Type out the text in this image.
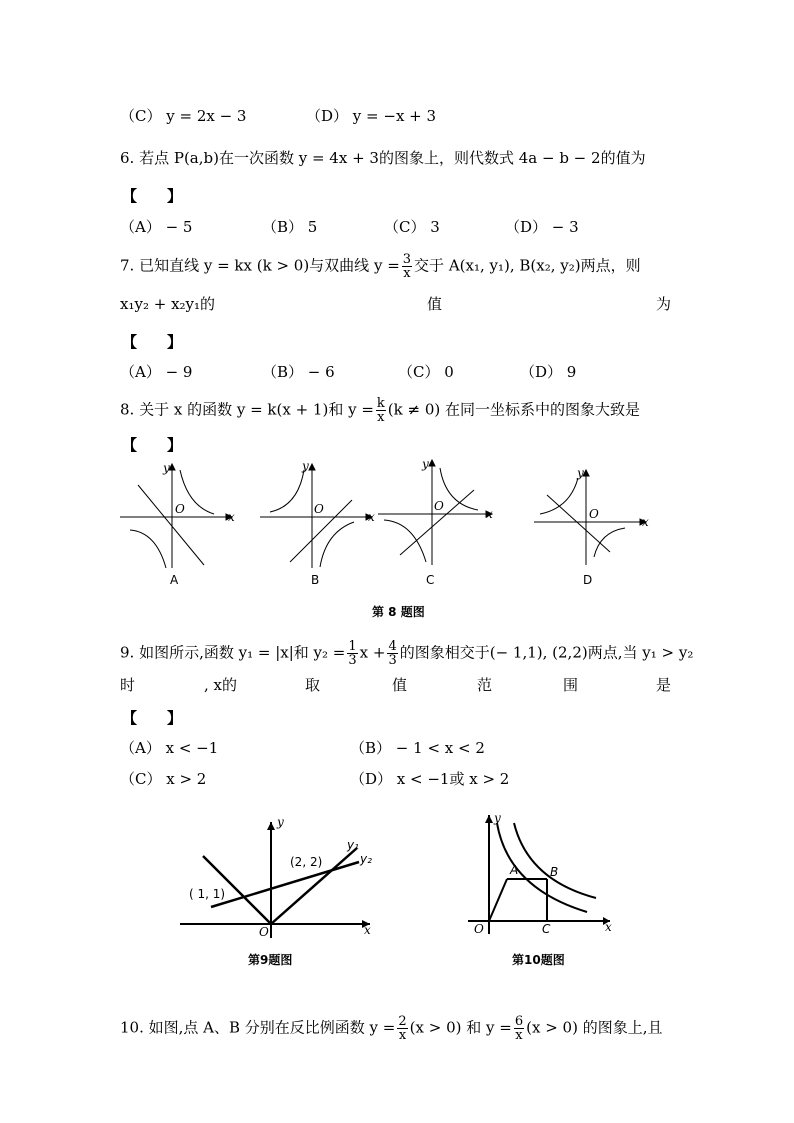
（C） y = 2x − 3	（D） y = −x + 3
6. 若点 P(a,b)在一次函数 y = 4x + 3的图象上，则代数式 4a − b − 2的值为
【　　】
（A） − 5	（B） 5	（C） 3	（D） − 3
7. 已知直线 y = kx (k > 0)与双曲线 $y = \frac{3}{x}$ 交于 A(x₁, y₁), B(x₂, y₂)两点，则
x₁y₂ + x₂y₁的	值	为
【　　】
（A） − 9	（B） − 6	（C） 0	（D） 9
8. 关于 x 的函数 y = k(x + 1)和 $y = \frac{k}{x} (k \ne 0)$ 在同一坐标系中的图象大致是
【　　】
y
x
O
y
x
O
y
x
O
y
x
O
A	B	C	D
第 8 题图
9. 如图所示,函数 y₁ = |x|和 $y_2 = \frac{1}{3}$ $x + \frac{4}{3}$ 的图象相交于(− 1,1), (2,2)两点,当 y₁ > y₂
时	, x的	取	值	范	围	是
【　　】
（A） x < −1	（B） − 1 < x < 2
（C） x > 2	（D） x < −1或 x > 2
y
x
O
y
x
O
( 1, 1)
(2, 2)
y₁
y₂
第9题图
A	B
C
第10题图
10. 如图,点 A、B 分别在反比例函数 $y = \frac{2}{x} (x > 0)$ 和 $y = \frac{6}{x} (x > 0)$ 的图象上,且
